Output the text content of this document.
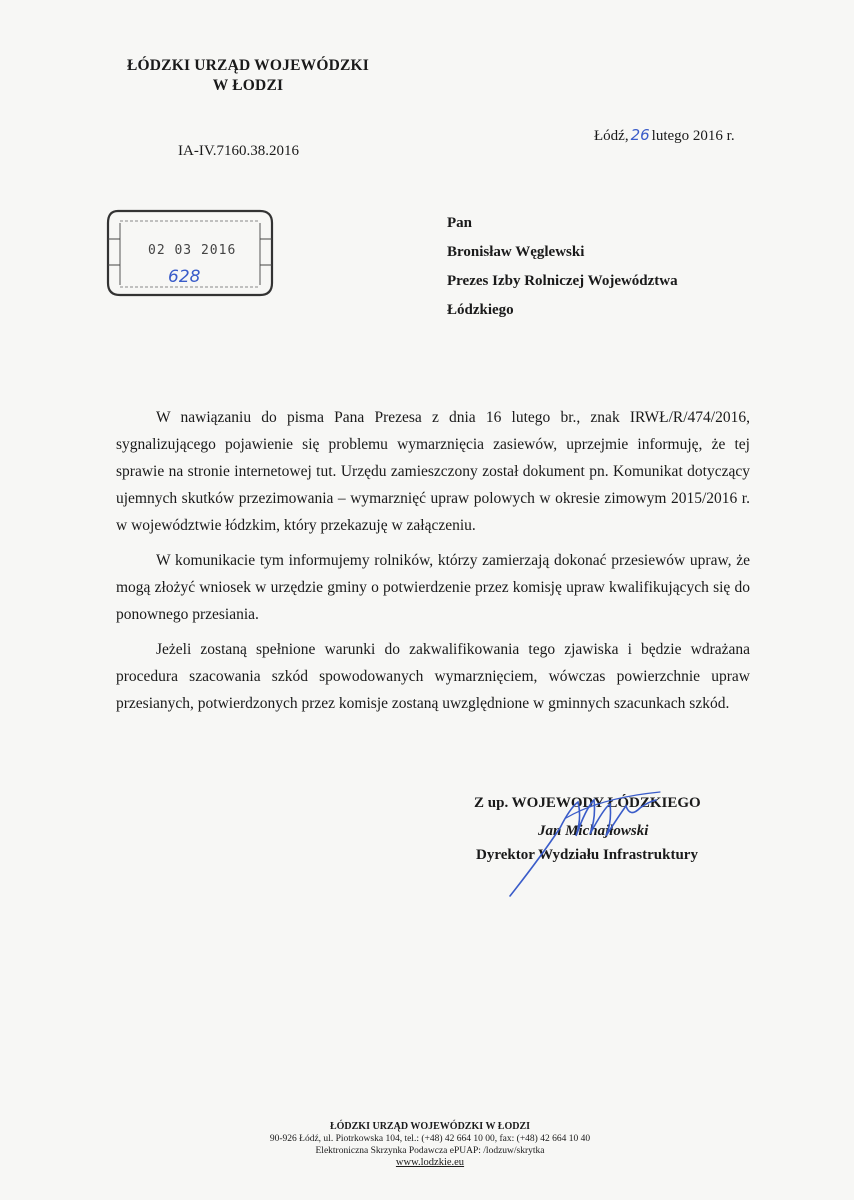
ŁÓDZKI URZĄD WOJEWÓDZKI
W ŁODZI
Łódź, 26 lutego 2016 r.
IA-IV.7160.38.2016
02 03 2016
628
Pan
Bronisław Węglewski
Prezes Izby Rolniczej Województwa
Łódzkiego

W nawiązaniu do pisma Pana Prezesa z dnia 16 lutego br., znak IRWŁ/R/474/2016, sygnalizującego pojawienie się problemu wymarznięcia zasiewów, uprzejmie informuję, że tej sprawie na stronie internetowej tut. Urzędu zamieszczony został dokument pn. Komunikat dotyczący ujemnych skutków przezimowania – wymarznięć upraw polowych w okresie zimowym 2015/2016 r. w województwie łódzkim, który przekazuję w załączeniu.

W komunikacie tym informujemy rolników, którzy zamierzają dokonać przesiewów upraw, że mogą złożyć wniosek w urzędzie gminy o potwierdzenie przez komisję upraw kwalifikujących się do ponownego przesiania.

Jeżeli zostaną spełnione warunki do zakwalifikowania tego zjawiska i będzie wdrażana procedura szacowania szkód spowodowanych wymarznięciem, wówczas powierzchnie upraw przesianych, potwierdzonych przez komisje zostaną uwzględnione w gminnych szacunkach szkód.

Z up. WOJEWODY ŁÓDZKIEGO
Jan Michajłowski
Dyrektor Wydziału Infrastruktury
ŁÓDZKI URZĄD WOJEWÓDZKI W ŁODZI
90-926 Łódź, ul. Piotrkowska 104, tel.: (+48) 42 664 10 00, fax: (+48) 42 664 10 40
Elektroniczna Skrzynka Podawcza ePUAP: /lodzuw/skrytka
www.lodzkie.eu
